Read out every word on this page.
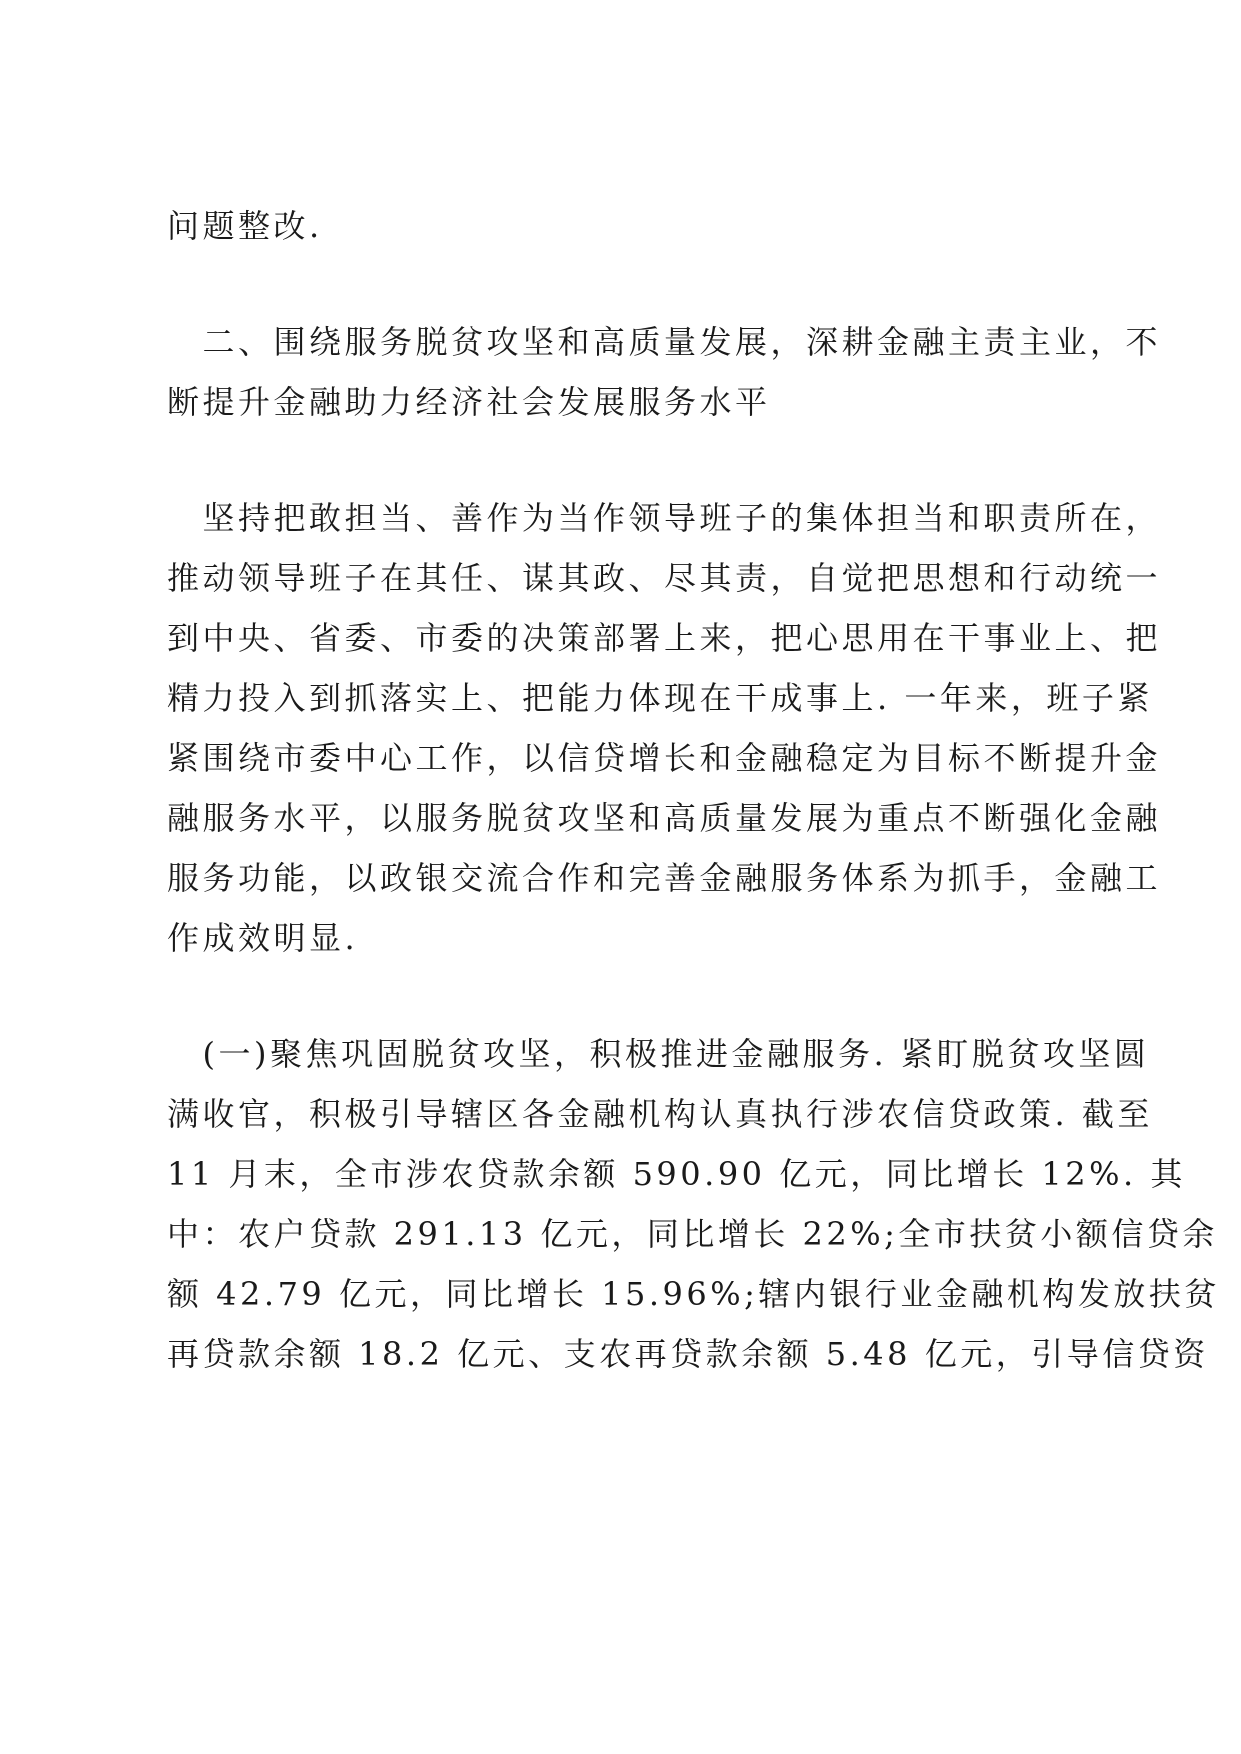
问题整改.
　二、围绕服务脱贫攻坚和高质量发展，深耕金融主责主业，不
断提升金融助力经济社会发展服务水平
　坚持把敢担当、善作为当作领导班子的集体担当和职责所在，
推动领导班子在其任、谋其政、尽其责，自觉把思想和行动统一
到中央、省委、市委的决策部署上来，把心思用在干事业上、把
精力投入到抓落实上、把能力体现在干成事上. 一年来，班子紧
紧围绕市委中心工作，以信贷增长和金融稳定为目标不断提升金
融服务水平，以服务脱贫攻坚和高质量发展为重点不断强化金融
服务功能，以政银交流合作和完善金融服务体系为抓手，金融工
作成效明显.
　(一)聚焦巩固脱贫攻坚，积极推进金融服务. 紧盯脱贫攻坚圆
满收官，积极引导辖区各金融机构认真执行涉农信贷政策. 截至
11 月末，全市涉农贷款余额 590.90 亿元，同比增长 12%. 其
中：农户贷款 291.13 亿元，同比增长 22%;全市扶贫小额信贷余
额 42.79 亿元，同比增长 15.96%;辖内银行业金融机构发放扶贫
再贷款余额 18.2 亿元、支农再贷款余额 5.48 亿元，引导信贷资
